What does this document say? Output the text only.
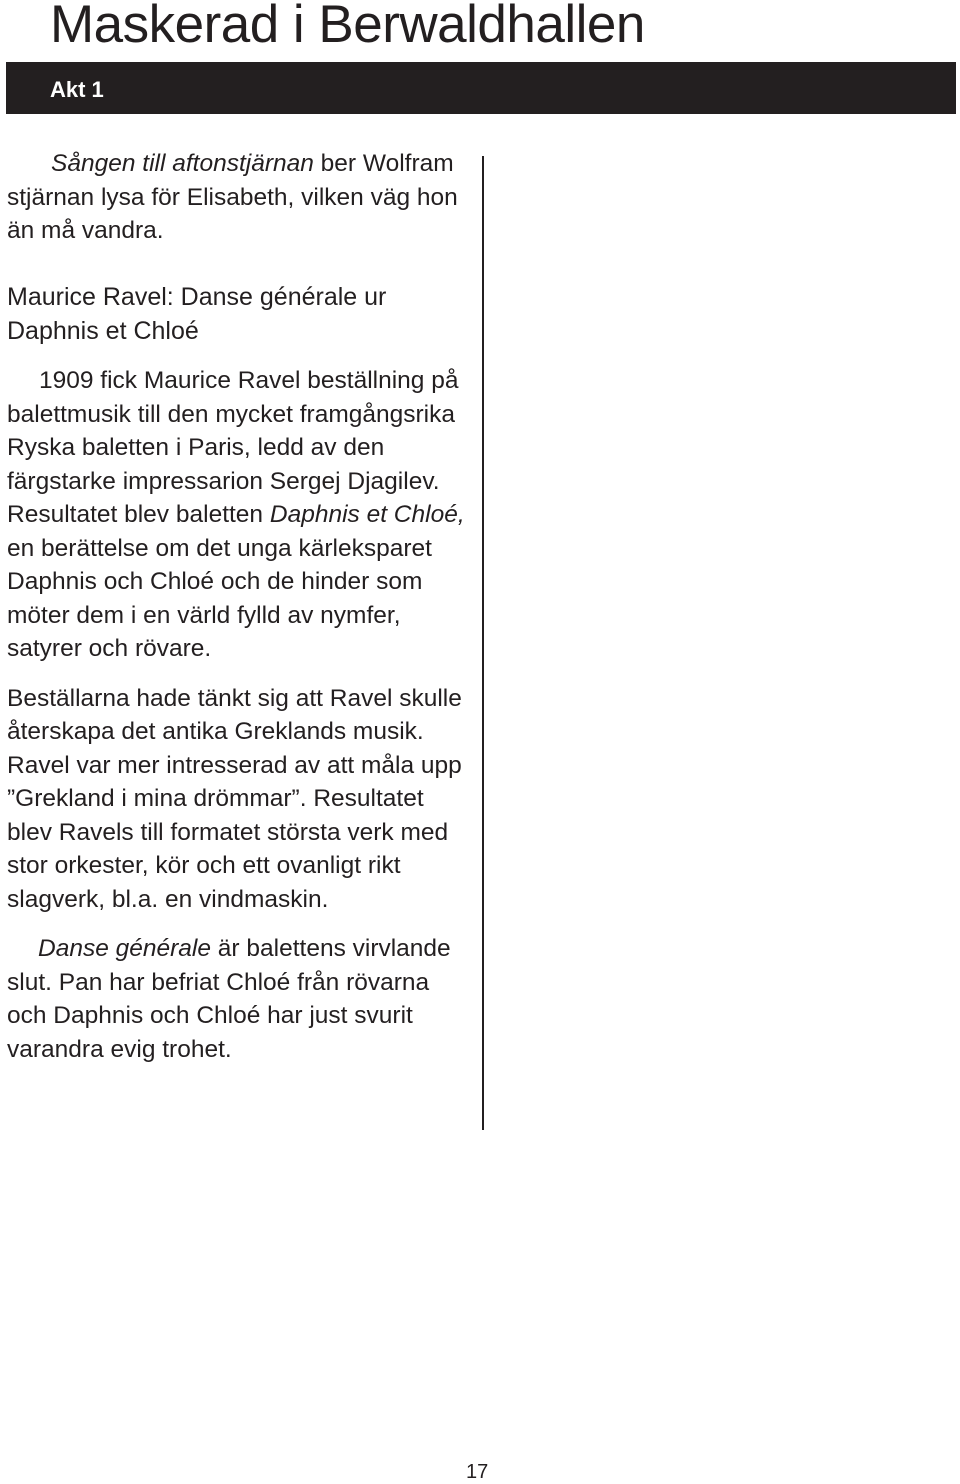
Maskerad i Berwaldhallen
Akt 1

Sången till aftonstjärnan ber Wolfram stjärnan lysa för Elisabeth, vilken väg hon än må vandra.

Maurice Ravel: Danse générale ur Daphnis et Chloé

1909 fick Maurice Ravel beställning på balettmusik till den mycket framgångsrika Ryska baletten i Paris, ledd av den färgstarke impressarion Sergej Djagilev. Resultatet blev baletten Daphnis et Chloé, en berättelse om det unga kärleksparet Daphnis och Chloé och de hinder som möter dem i en värld fylld av nymfer, satyrer och rövare.

Beställarna hade tänkt sig att Ravel skulle återskapa det antika Greklands musik. Ravel var mer intresserad av att måla upp ”Grekland i mina drömmar”. Resultatet blev Ravels till formatet största verk med stor orkester, kör och ett ovanligt rikt slagverk, bl.a. en vindmaskin.

Danse générale är balettens virvlande slut. Pan har befriat Chloé från rövarna och Daphnis och Chloé har just svurit varandra evig trohet.

17
